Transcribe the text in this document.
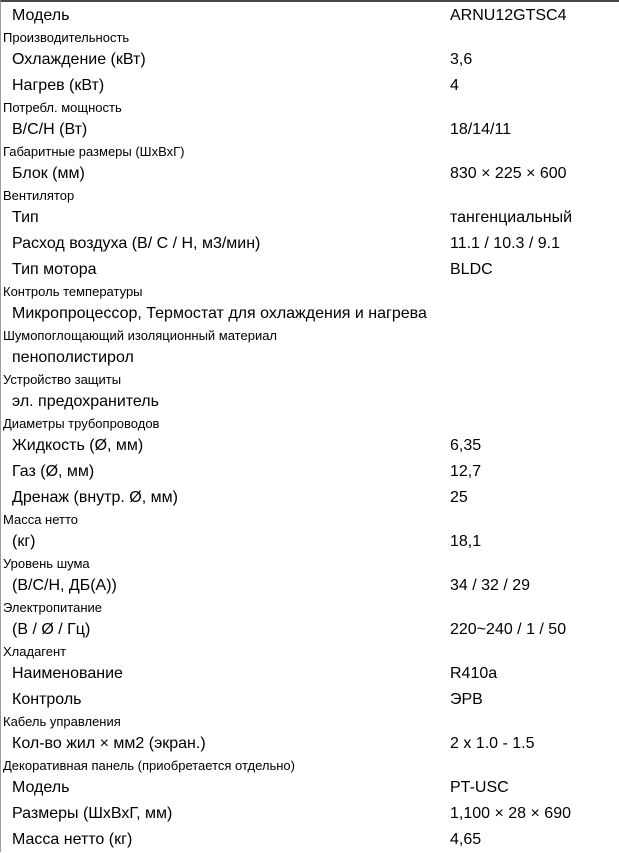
Модель	ARNU12GTSC4
Производительность
Охлаждение (кВт)	3,6
Нагрев (кВт)	4
Потребл. мощность
В/С/Н (Вт)	18/14/11
Габаритные размеры (ШхВхГ)
Блок (мм)	830 × 225 × 600
Вентилятор
Тип	тангенциальный
Расход воздуха (В/ С / Н, м3/мин)	11.1 / 10.3 / 9.1
Тип мотора	BLDC
Контроль температуры
Микропроцессор, Термостат для охлаждения и нагрева
Шумопоглощающий изоляционный материал
пенополистирол
Устройство защиты
эл. предохранитель
Диаметры трубопроводов
Жидкость (Ø, мм)	6,35
Газ (Ø, мм)	12,7
Дренаж (внутр. Ø, мм)	25
Масса нетто
(кг)	18,1
Уровень шума
(В/С/Н, ДБ(А))	34 / 32 / 29
Электропитание
(В / Ø / Гц)	220~240 / 1 / 50
Хладагент
Наименование	R410a
Контроль	ЭРВ
Кабель управления
Кол-во жил × мм2 (экран.)	2 x 1.0 - 1.5
Декоративная панель (приобретается отдельно)
Модель	PT-USC
Размеры (ШхВхГ, мм)	1,100 × 28 × 690
Масса нетто (кг)	4,65
